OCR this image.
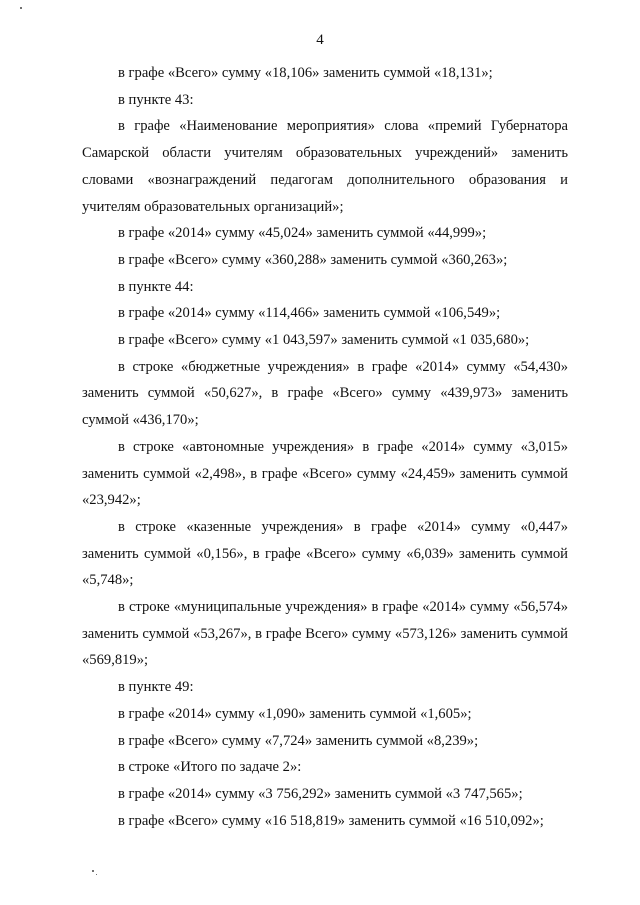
4

в графе «Всего» сумму «18,106» заменить суммой «18,131»;

в пункте 43:

в графе «Наименование мероприятия» слова «премий Губернатора Самарской области учителям образовательных учреждений» заменить словами «вознаграждений педагогам дополнительного образования и учителям образовательных организаций»;

в графе «2014» сумму «45,024» заменить суммой «44,999»;

в графе «Всего» сумму «360,288» заменить суммой «360,263»;

в пункте 44:

в графе «2014» сумму «114,466» заменить суммой «106,549»;

в графе «Всего» сумму «1 043,597» заменить суммой «1 035,680»;

в строке «бюджетные учреждения» в графе «2014» сумму «54,430» заменить суммой «50,627», в графе «Всего» сумму «439,973» заменить суммой «436,170»;

в строке «автономные учреждения» в графе «2014» сумму «3,015» заменить суммой «2,498», в графе «Всего» сумму «24,459» заменить суммой «23,942»;

в строке «казенные учреждения» в графе «2014» сумму «0,447» заменить суммой «0,156», в графе «Всего» сумму «6,039» заменить суммой «5,748»;

в строке «муниципальные учреждения» в графе «2014» сумму «56,574» заменить суммой «53,267», в графе Всего» сумму «573,126» заменить суммой «569,819»;

в пункте 49:

в графе «2014» сумму «1,090» заменить суммой «1,605»;

в графе «Всего» сумму «7,724» заменить суммой «8,239»;

в строке «Итого по задаче 2»:

в графе «2014» сумму «3 756,292» заменить суммой «3 747,565»;

в графе «Всего» сумму «16 518,819» заменить суммой «16 510,092»;
